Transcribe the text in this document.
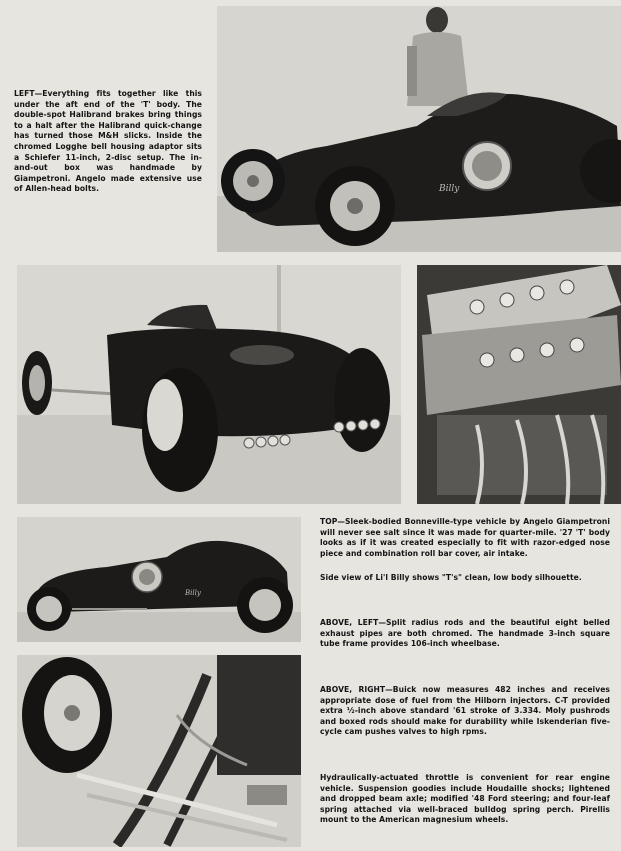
LEFT—Everything fits together like this under the aft end of the 'T' body. The double-spot Halibrand brakes bring things to a halt after the Halibrand quick-change has turned those M&H slicks. Inside the chromed Logghe bell housing adaptor sits a Schiefer 11-inch, 2-disc setup. The in-and-out box was handmade by Giampetroni. Angelo made extensive use of Allen-head bolts.	Billy
Billy

TOP—Sleek-bodied Bonneville-type vehicle by Angelo Giampetroni will never see salt since it was made for quarter-mile. '27 'T' body looks as if it was created especially to fit with razor-edged nose piece and combination roll bar cover, air intake.

Side view of Li'l Billy shows "T's" clean, low body silhouette.

ABOVE, LEFT—Split radius rods and the beautiful eight belled exhaust pipes are both chromed. The handmade 3-inch square tube frame provides 106-inch wheelbase.

ABOVE, RIGHT—Buick now measures 482 inches and receives appropriate dose of fuel from the Hilborn injectors. C-T provided extra ½-inch above standard '61 stroke of 3.334. Moly pushrods and boxed rods should make for durability while Iskenderian five-cycle cam pushes valves to high rpms.

Hydraulically-actuated throttle is convenient for rear engine vehicle. Suspension goodies include Houdaille shocks; lightened and dropped beam axle; modified '48 Ford steering; and four-leaf spring attached via well-braced bulldog spring perch. Pirellis mount to the American magnesium wheels.
